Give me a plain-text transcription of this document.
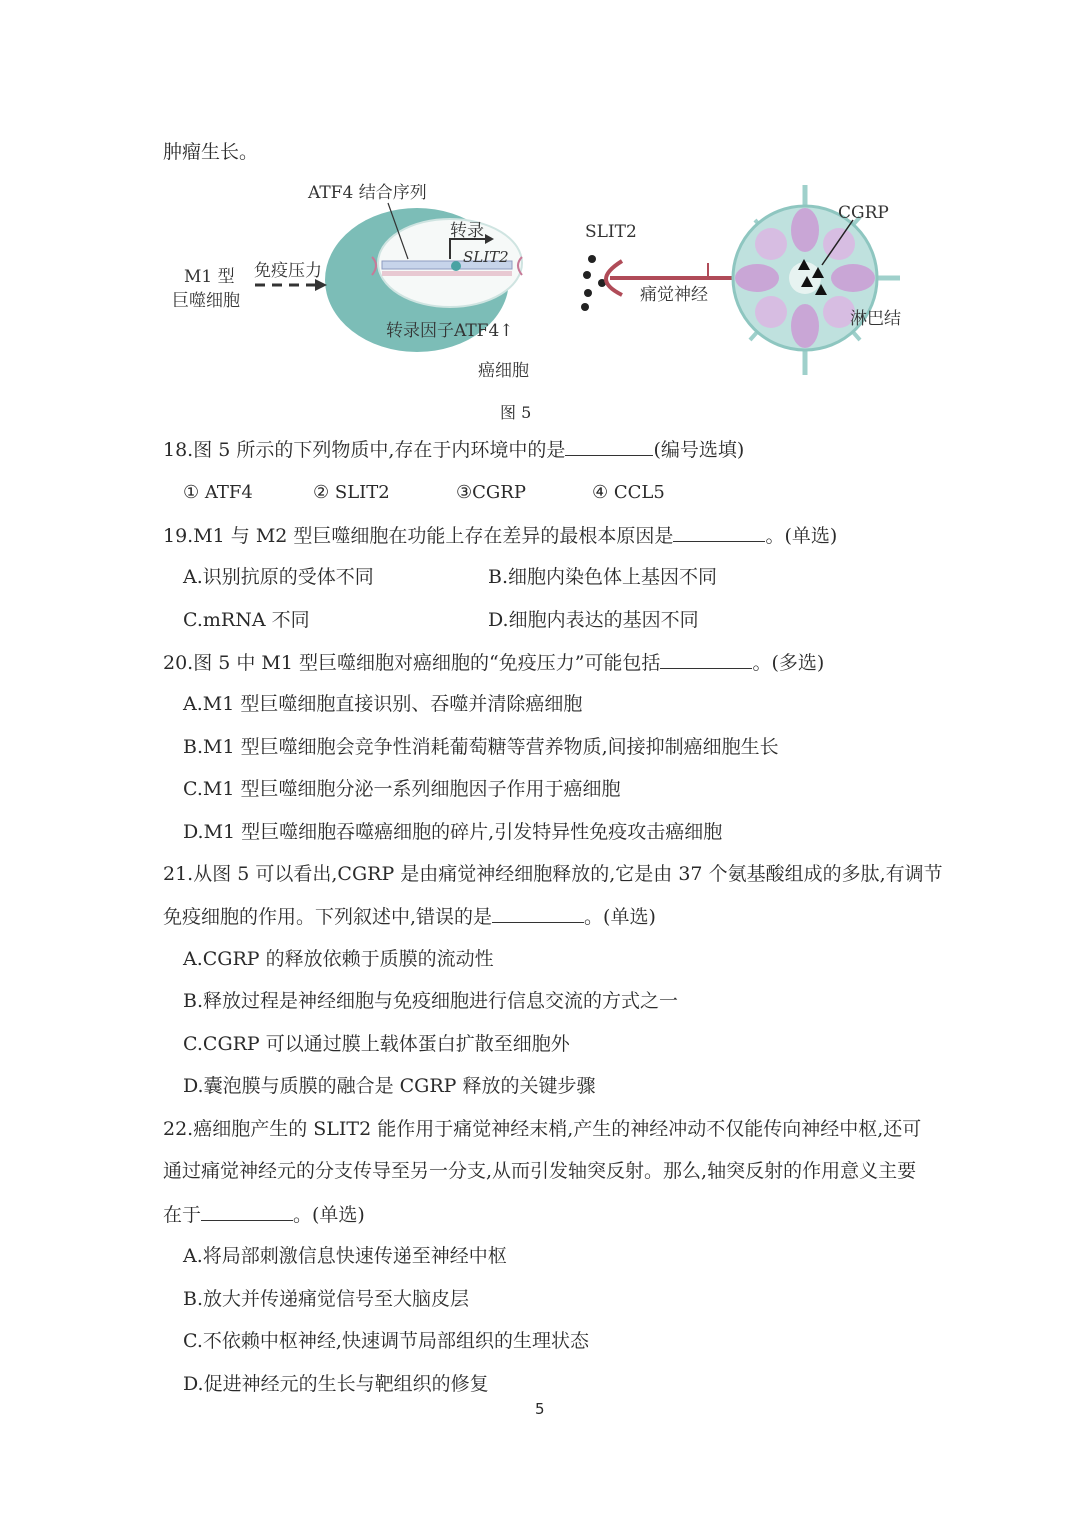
肿瘤生长。
ATF4 结合序列
转录
SLIT2
SLIT2
CGRP
M1 型
巨噬细胞
免疫压力
痛觉神经
淋巴结
转录因子ATF4↑
癌细胞
图 5
18.图 5 所示的下列物质中,存在于内环境中的是	(编号选填)
① ATF4	② SLIT2	③CGRP	④ CCL5
19.M1 与 M2 型巨噬细胞在功能上存在差异的最根本原因是	。(单选)
A.识别抗原的受体不同	B.细胞内染色体上基因不同
C.mRNA 不同	D.细胞内表达的基因不同
20.图 5 中 M1 型巨噬细胞对癌细胞的“免疫压力”可能包括	。(多选)
A.M1 型巨噬细胞直接识别、吞噬并清除癌细胞
B.M1 型巨噬细胞会竞争性消耗葡萄糖等营养物质,间接抑制癌细胞生长
C.M1 型巨噬细胞分泌一系列细胞因子作用于癌细胞
D.M1 型巨噬细胞吞噬癌细胞的碎片,引发特异性免疫攻击癌细胞
21.从图 5 可以看出,CGRP 是由痛觉神经细胞释放的,它是由 37 个氨基酸组成的多肽,有调节
免疫细胞的作用。下列叙述中,错误的是	。(单选)
A.CGRP 的释放依赖于质膜的流动性
B.释放过程是神经细胞与免疫细胞进行信息交流的方式之一
C.CGRP 可以通过膜上载体蛋白扩散至细胞外
D.囊泡膜与质膜的融合是 CGRP 释放的关键步骤
22.癌细胞产生的 SLIT2 能作用于痛觉神经末梢,产生的神经冲动不仅能传向神经中枢,还可
通过痛觉神经元的分支传导至另一分支,从而引发轴突反射。那么,轴突反射的作用意义主要
在于	。(单选)
A.将局部刺激信息快速传递至神经中枢
B.放大并传递痛觉信号至大脑皮层
C.不依赖中枢神经,快速调节局部组织的生理状态
D.促进神经元的生长与靶组织的修复
5
